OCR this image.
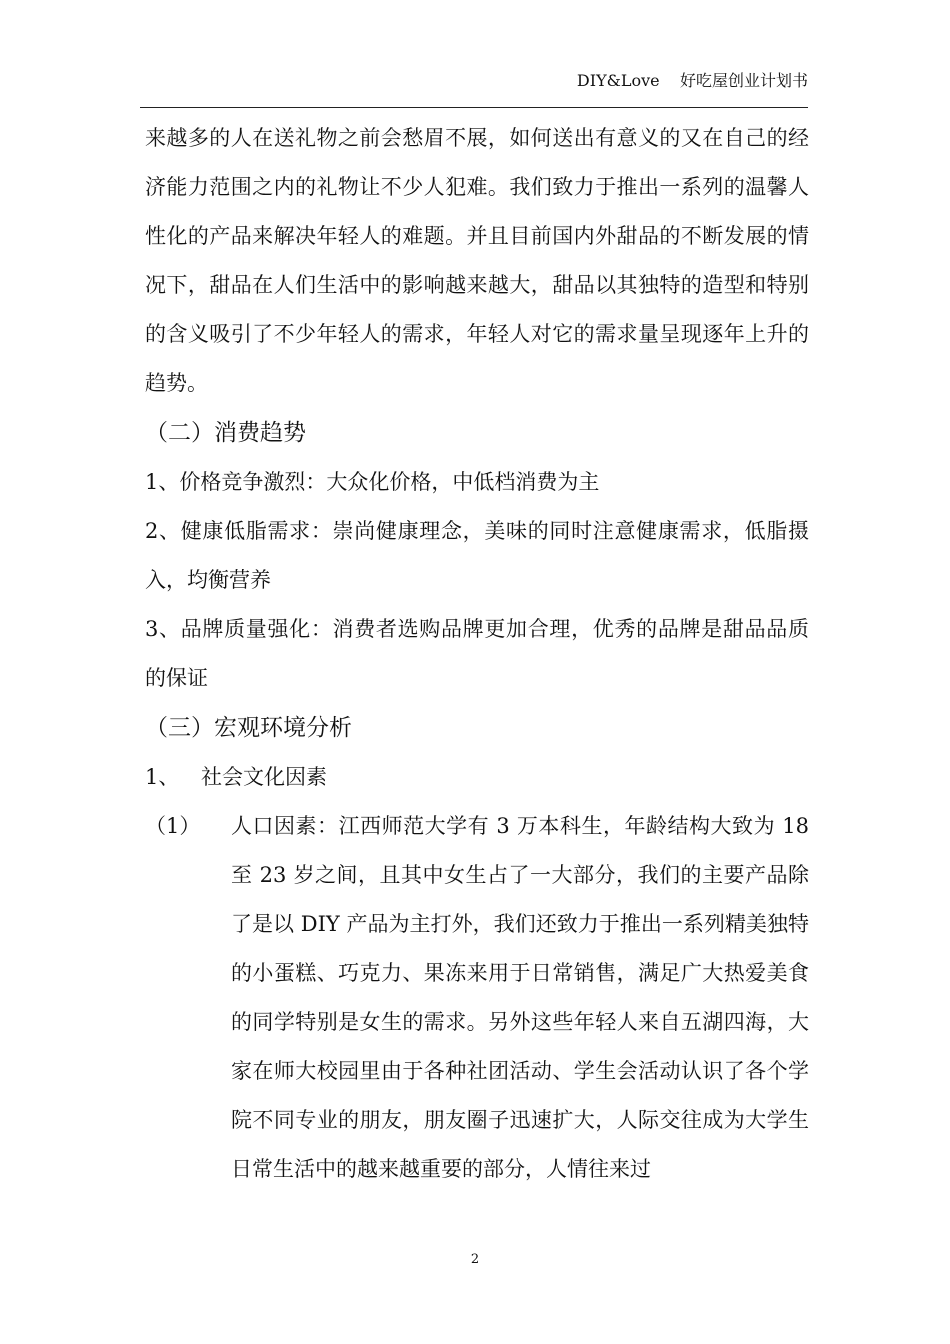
DIY&Love    好吃屋创业计划书

来越多的人在送礼物之前会愁眉不展，如何送出有意义的又在自己的经济能力范围之内的礼物让不少人犯难。我们致力于推出一系列的温馨人性化的产品来解决年轻人的难题。并且目前国内外甜品的不断发展的情况下，甜品在人们生活中的影响越来越大，甜品以其独特的造型和特别的含义吸引了不少年轻人的需求，年轻人对它的需求量呈现逐年上升的趋势。

（二）消费趋势

1、价格竞争激烈：大众化价格，中低档消费为主

2、健康低脂需求：崇尚健康理念，美味的同时注意健康需求，低脂摄入，均衡营养

3、品牌质量强化：消费者选购品牌更加合理，优秀的品牌是甜品品质的保证

（三）宏观环境分析

1、 社会文化因素
（1） 人口因素：江西师范大学有 3 万本科生，年龄结构大致为 18 至 23 岁之间，且其中女生占了一大部分，我们的主要产品除了是以 DIY 产品为主打外，我们还致力于推出一系列精美独特的小蛋糕、巧克力、果冻来用于日常销售，满足广大热爱美食的同学特别是女生的需求。另外这些年轻人来自五湖四海，大家在师大校园里由于各种社团活动、学生会活动认识了各个学院不同专业的朋友，朋友圈子迅速扩大，人际交往成为大学生日常生活中的越来越重要的部分，人情往来过

2
